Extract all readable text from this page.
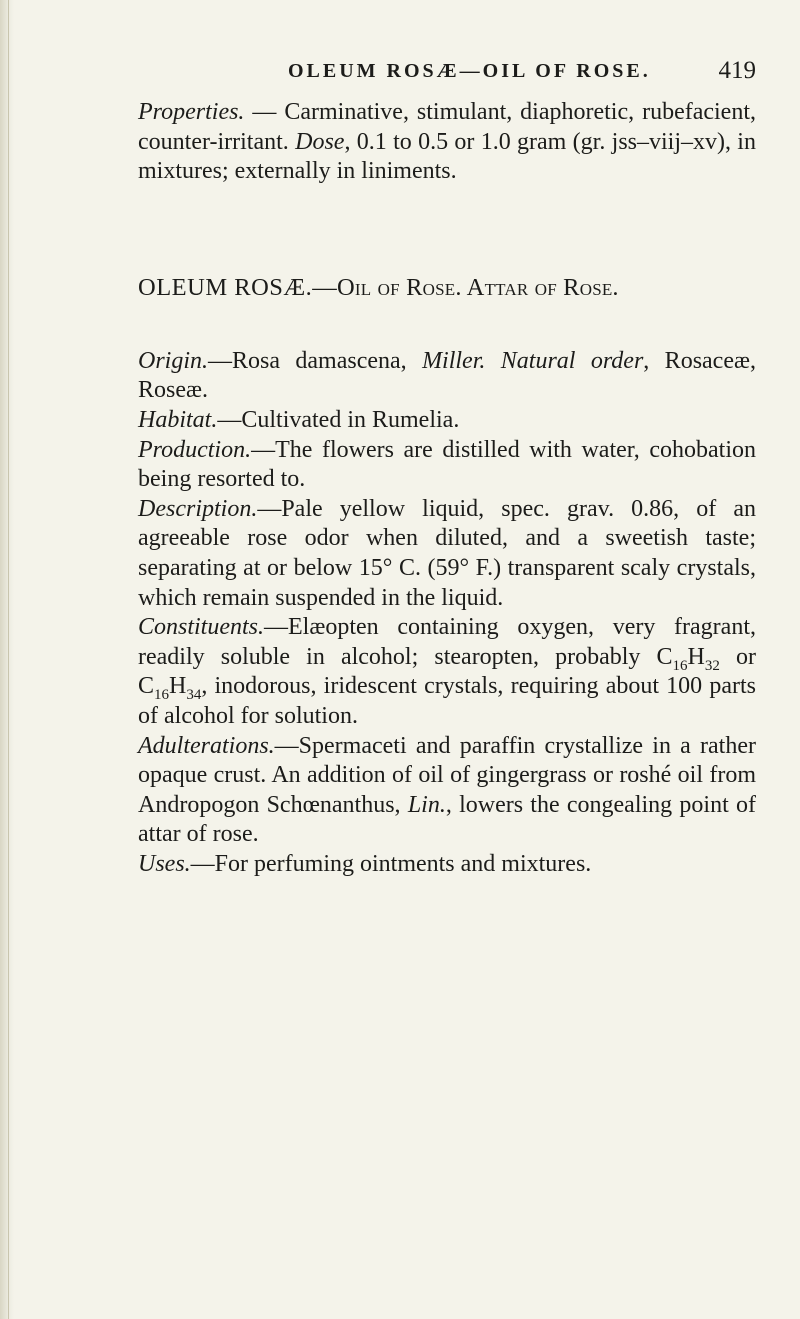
OLEUM ROSÆ—OIL OF ROSE.	419

Properties. — Carminative, stimulant, diaphoretic, rubefacient, counter-irritant. Dose, 0.1 to 0.5 or 1.0 gram (gr. jss–viij–xv), in mixtures; externally in liniments.

OLEUM ROSÆ.—Oil of Rose. Attar of Rose.

Origin.—Rosa damascena, Miller. Natural order, Rosaceæ, Roseæ.

Habitat.—Cultivated in Rumelia.

Production.—The flowers are distilled with water, cohobation being resorted to.

Description.—Pale yellow liquid, spec. grav. 0.86, of an agreeable rose odor when diluted, and a sweetish taste; separating at or below 15° C. (59° F.) transparent scaly crystals, which remain suspended in the liquid.

Constituents.—Elæopten containing oxygen, very fragrant, readily soluble in alcohol; stearopten, probably $C_{16}H_{32}$ or $C_{16}H_{34}$, inodorous, iridescent crystals, requiring about 100 parts of alcohol for solution.

Adulterations.—Spermaceti and paraffin crystallize in a rather opaque crust. An addition of oil of gingergrass or roshé oil from Andropogon Schœnanthus, Lin., lowers the congealing point of attar of rose.

Uses.—For perfuming ointments and mixtures.
